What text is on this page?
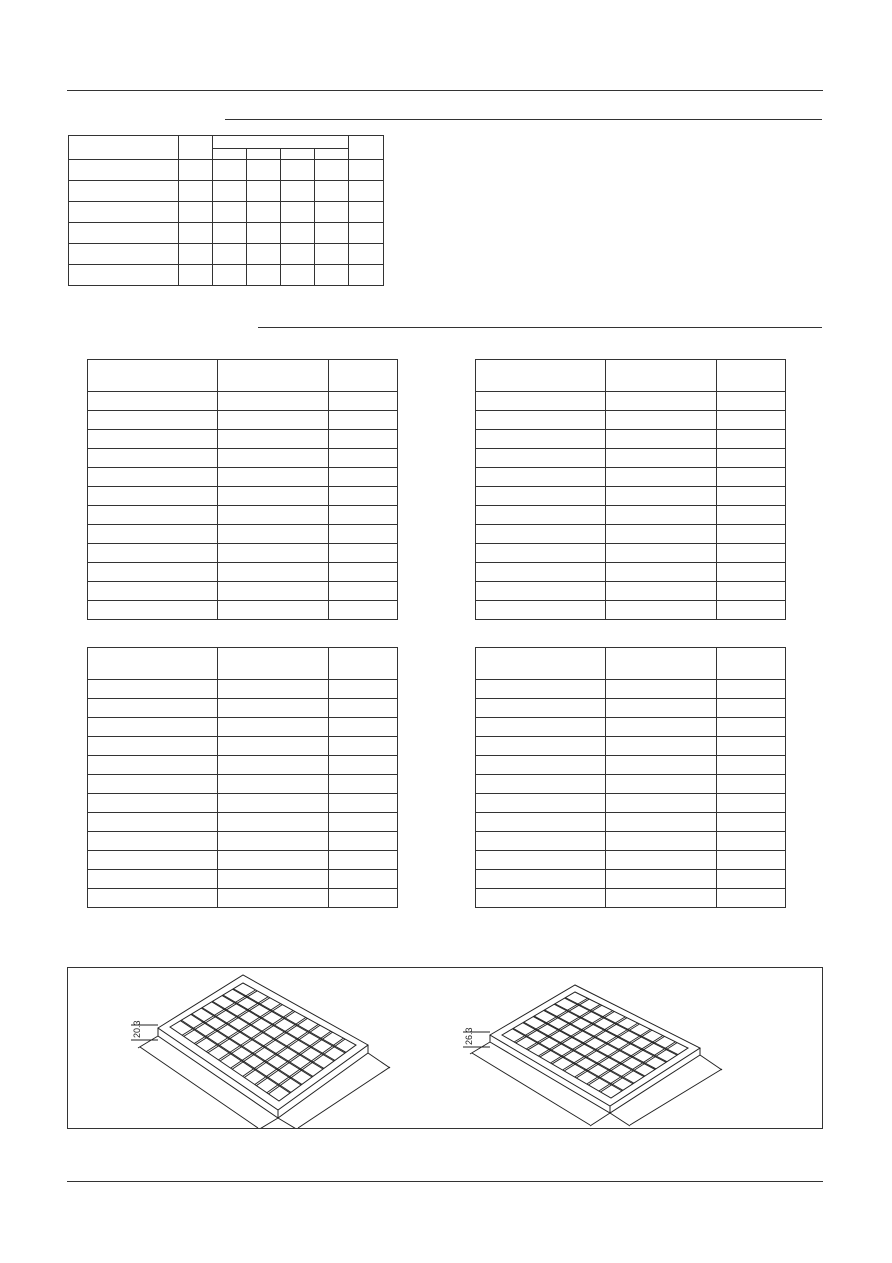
20.3	26.3
